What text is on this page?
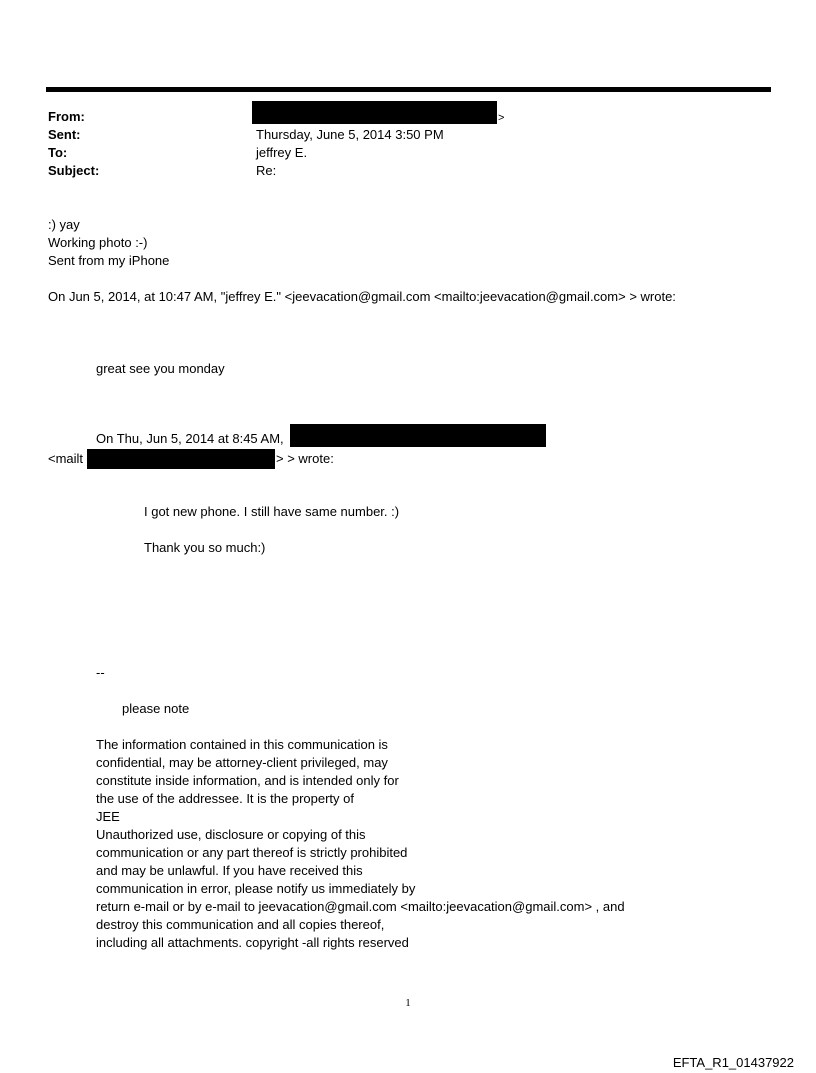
From:	>
Sent:	Thursday, June 5, 2014 3:50 PM
To:	jeffrey E.
Subject:	Re:
:) yay
Working photo :-)
Sent from my iPhone
On Jun 5, 2014, at 10:47 AM, "jeffrey E." <jeevacation@gmail.com <mailto:jeevacation@gmail.com> > wrote:
great see you monday
On Thu, Jun 5, 2014 at 8:45 AM,
<mailt	> > wrote:
I got new phone. I still have same number. :)
Thank you so much:)
--
please note
The information contained in this communication is
confidential, may be attorney-client privileged, may
constitute inside information, and is intended only for
the use of the addressee. It is the property of
JEE
Unauthorized use, disclosure or copying of this
communication or any part thereof is strictly prohibited
and may be unlawful. If you have received this
communication in error, please notify us immediately by
return e-mail or by e-mail to jeevacation@gmail.com <mailto:jeevacation@gmail.com> , and
destroy this communication and all copies thereof,
including all attachments. copyright -all rights reserved
1
EFTA_R1_01437922
